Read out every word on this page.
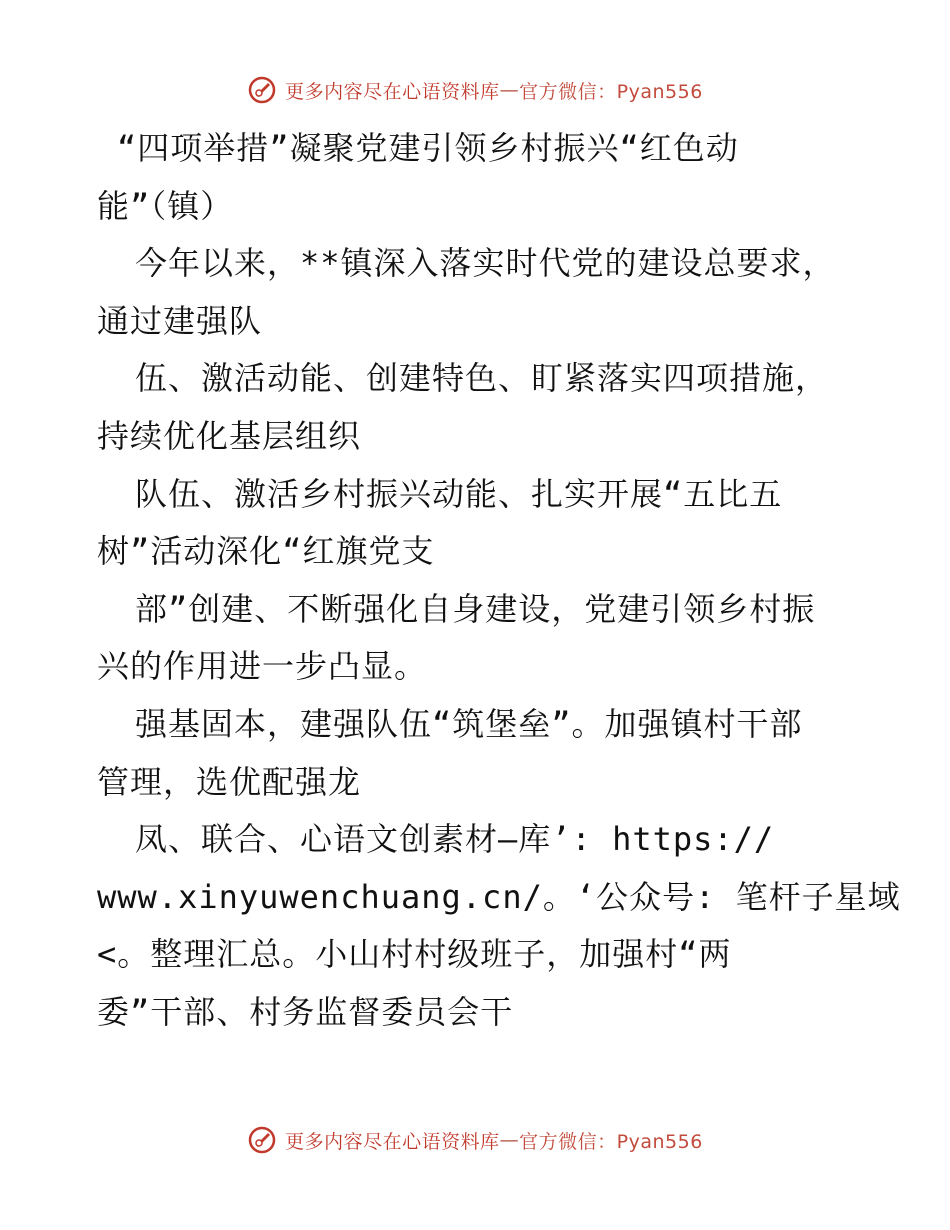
更多内容尽在心语资料库 — 官方微信：Pyan556
“四项举措”凝聚党建引领乡村振兴“红色动
能”（镇）
今年以来，**镇深入落实时代党的建设总要求，
通过建强队
伍、激活动能、创建特色、盯紧落实四项措施，
持续优化基层组织
队伍、激活乡村振兴动能、扎实开展“五比五
树”活动深化“红旗党支
部”创建、不断强化自身建设，党建引领乡村振
兴的作用进一步凸显。
强基固本，建强队伍“筑堡垒”。加强镇村干部
管理，选优配强龙
凤、联合、心语文创素材—库’: https://
www.xinyuwenchuang.cn/。‘公众号: 笔杆子星域
<。整理汇总。小山村村级班子，加强村“两
委”干部、村务监督委员会干
更多内容尽在心语资料库 — 官方微信：Pyan556
